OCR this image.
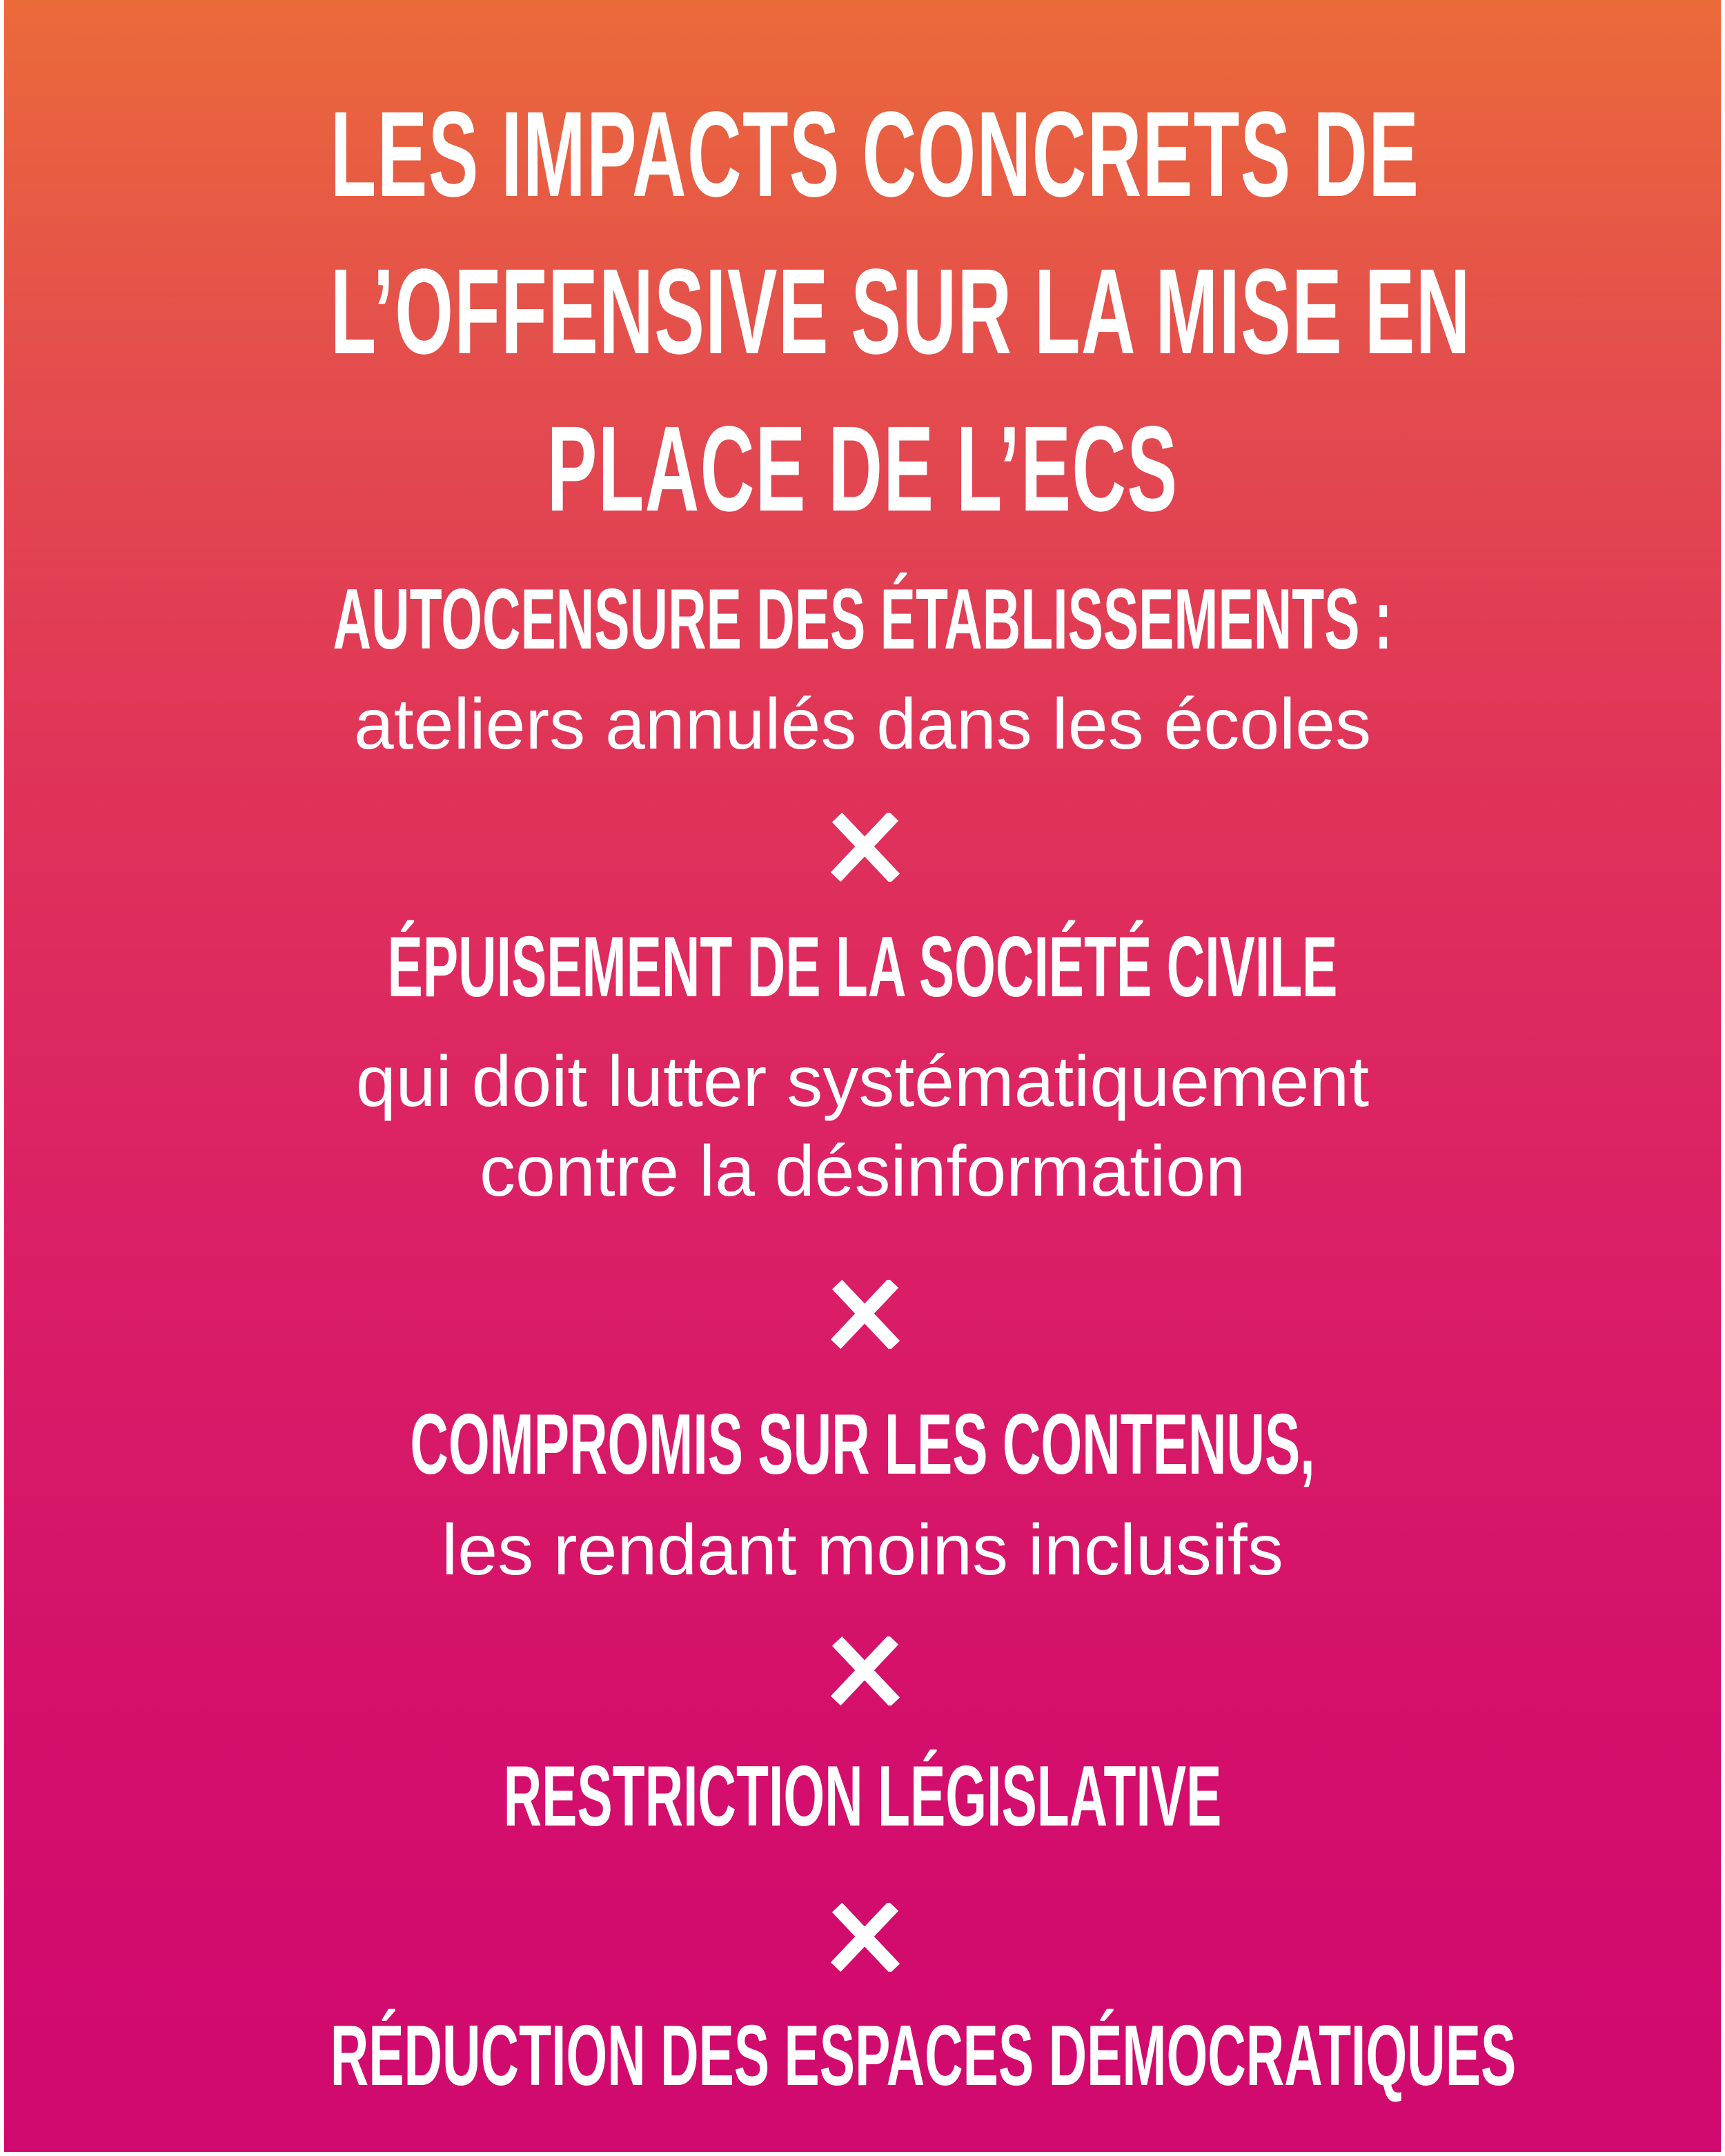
LES IMPACTS CONCRETS DE
L’OFFENSIVE SUR LA MISE EN
PLACE DE L’ECS
AUTOCENSURE DES ÉTABLISSEMENTS :

ateliers annulés dans les écoles

ÉPUISEMENT DE LA SOCIÉTÉ CIVILE

qui doit lutter systématiquement
contre la désinformation

COMPROMIS SUR LES CONTENUS,

les rendant moins inclusifs

RESTRICTION LÉGISLATIVE
RÉDUCTION DES ESPACES DÉMOCRATIQUES
